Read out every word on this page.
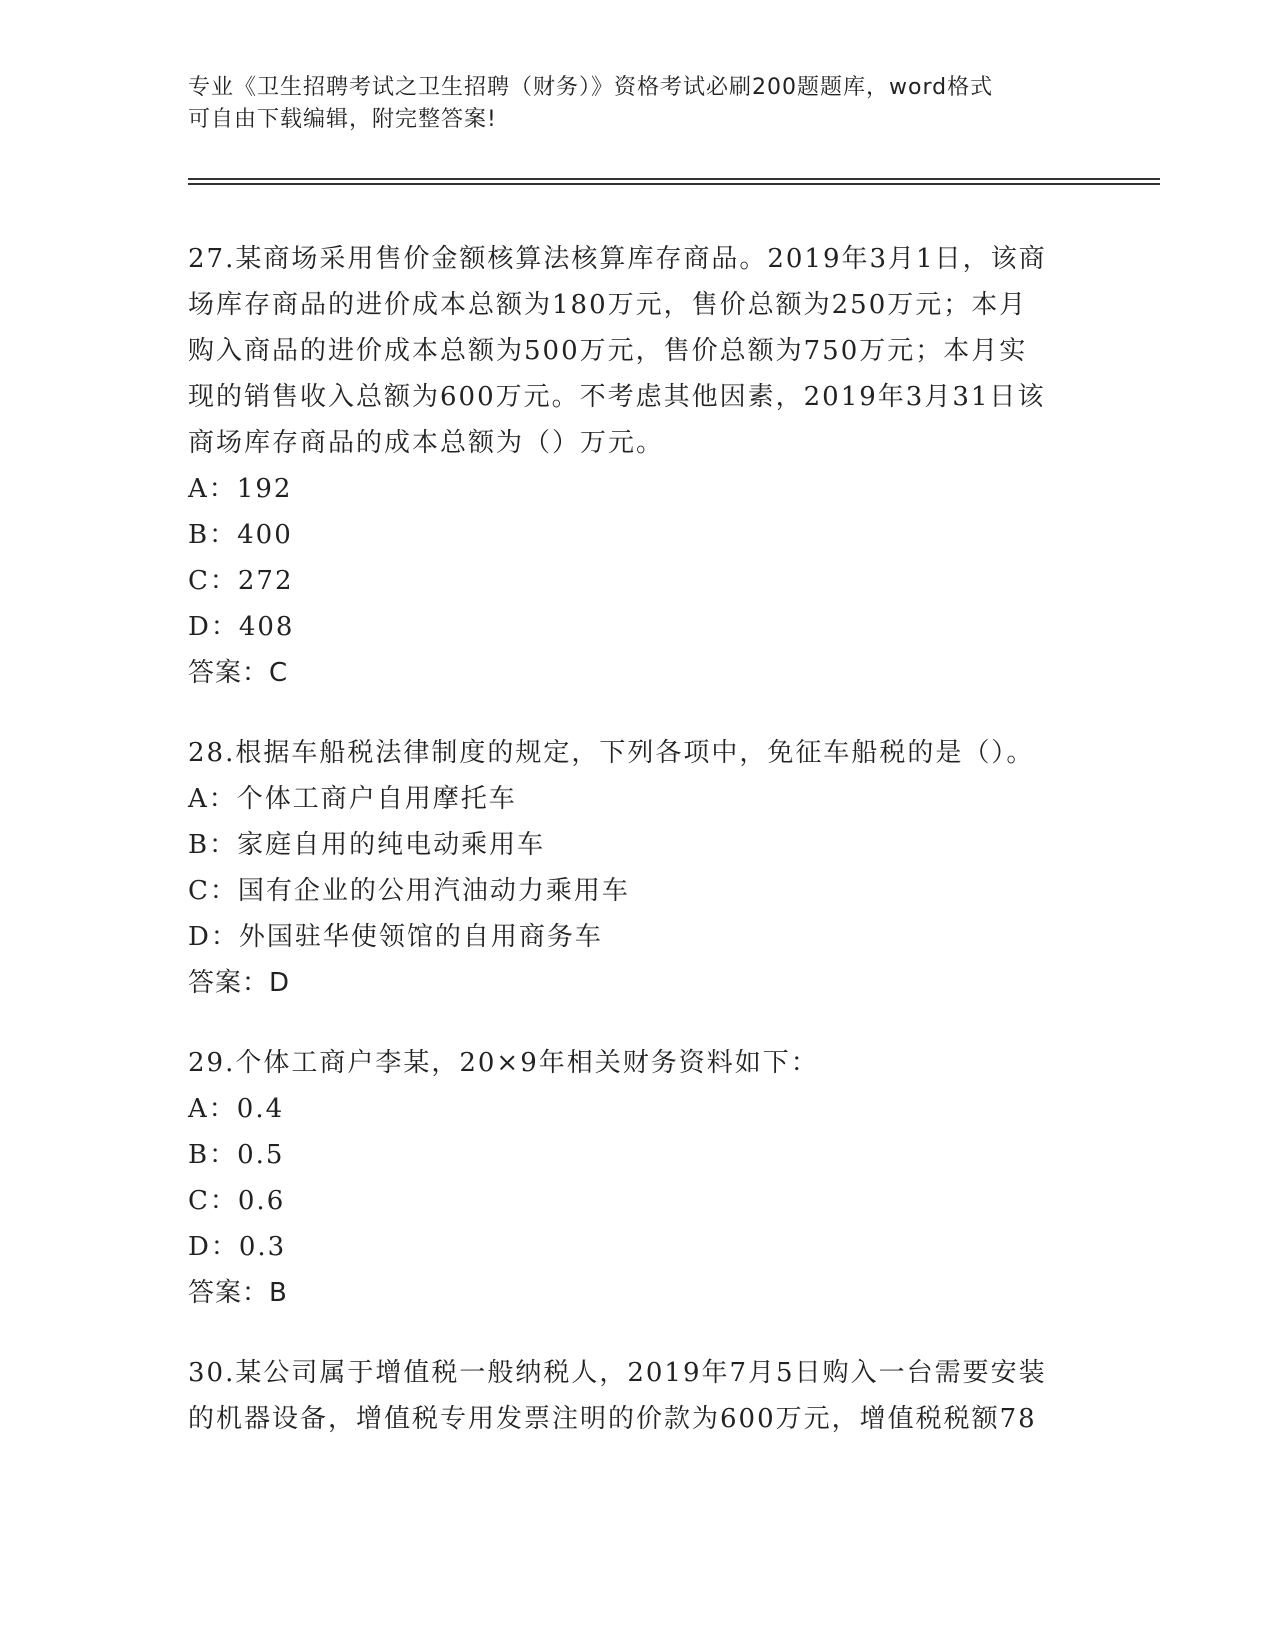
专业《卫生招聘考试之卫生招聘（财务）》资格考试必刷200题题库，word格式
可自由下载编辑，附完整答案!
27.某商场采用售价金额核算法核算库存商品。2019年3月1日，该商
场库存商品的进价成本总额为180万元，售价总额为250万元；本月
购入商品的进价成本总额为500万元，售价总额为750万元；本月实
现的销售收入总额为600万元。不考虑其他因素，2019年3月31日该
商场库存商品的成本总额为（）万元。
A：192
B：400
C：272
D：408
答案：C
28.根据车船税法律制度的规定，下列各项中，免征车船税的是（）。
A：个体工商户自用摩托车
B：家庭自用的纯电动乘用车
C：国有企业的公用汽油动力乘用车
D：外国驻华使领馆的自用商务车
答案：D
29.个体工商户李某，20×9年相关财务资料如下：
A：0.4
B：0.5
C：0.6
D：0.3
答案：B
30.某公司属于增值税一般纳税人，2019年7月5日购入一台需要安装
的机器设备，增值税专用发票注明的价款为600万元，增值税税额78
